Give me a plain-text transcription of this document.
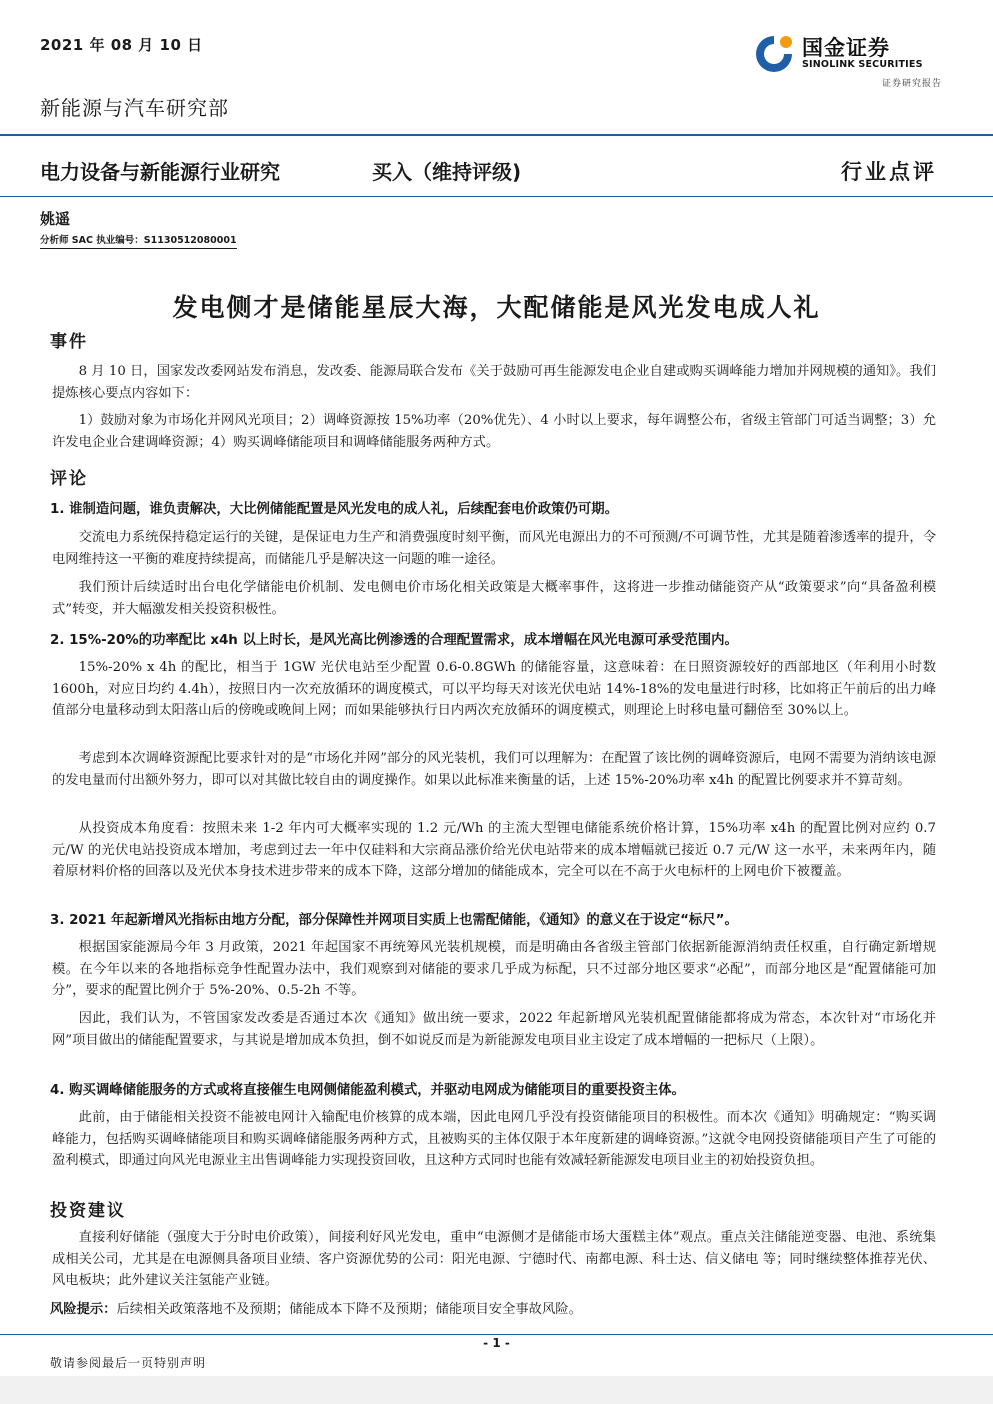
2021 年 08 月 10 日
新能源与汽车研究部
国金证券
SINOLINK SECURITIES
证券研究报告
电力设备与新能源行业研究	买入（维持评级)	行业点评
姚遥
分析师 SAC 执业编号：S1130512080001
发电侧才是储能星辰大海，大配储能是风光发电成人礼
事件
8 月 10 日，国家发改委网站发布消息，发改委、能源局联合发布《关于鼓励可再生能源发电企业自建或购买调峰能力增加并网规模的通知》。我们提炼核心要点内容如下：
1）鼓励对象为市场化并网风光项目；2）调峰资源按 15%功率（20%优先）、4 小时以上要求，每年调整公布，省级主管部门可适当调整；3）允许发电企业合建调峰资源；4）购买调峰储能项目和调峰储能服务两种方式。
评论
1. 谁制造问题，谁负责解决，大比例储能配置是风光发电的成人礼，后续配套电价政策仍可期。
交流电力系统保持稳定运行的关键，是保证电力生产和消费强度时刻平衡，而风光电源出力的不可预测/不可调节性，尤其是随着渗透率的提升，令电网维持这一平衡的难度持续提高，而储能几乎是解决这一问题的唯一途径。
我们预计后续适时出台电化学储能电价机制、发电侧电价市场化相关政策是大概率事件，这将进一步推动储能资产从“政策要求”向“具备盈利模式”转变，并大幅激发相关投资积极性。
2. 15%-20%的功率配比 x4h 以上时长，是风光高比例渗透的合理配置需求，成本增幅在风光电源可承受范围内。
15%-20% x 4h 的配比，相当于 1GW 光伏电站至少配置 0.6-0.8GWh 的储能容量，这意味着：在日照资源较好的西部地区（年利用小时数 1600h，对应日均约 4.4h），按照日内一次充放循环的调度模式，可以平均每天对该光伏电站 14%-18%的发电量进行时移，比如将正午前后的出力峰值部分电量移动到太阳落山后的傍晚或晚间上网；而如果能够执行日内两次充放循环的调度模式，则理论上时移电量可翻倍至 30%以上。
考虑到本次调峰资源配比要求针对的是“市场化并网”部分的风光装机，我们可以理解为：在配置了该比例的调峰资源后，电网不需要为消纳该电源的发电量而付出额外努力，即可以对其做比较自由的调度操作。如果以此标准来衡量的话，上述 15%-20%功率 x4h 的配置比例要求并不算苛刻。
从投资成本角度看：按照未来 1-2 年内可大概率实现的 1.2 元/Wh 的主流大型锂电储能系统价格计算，15%功率 x4h 的配置比例对应约 0.7 元/W 的光伏电站投资成本增加，考虑到过去一年中仅硅料和大宗商品涨价给光伏电站带来的成本增幅就已接近 0.7 元/W 这一水平，未来两年内，随着原材料价格的回落以及光伏本身技术进步带来的成本下降，这部分增加的储能成本，完全可以在不高于火电标杆的上网电价下被覆盖。
3. 2021 年起新增风光指标由地方分配，部分保障性并网项目实质上也需配储能，《通知》的意义在于设定“标尺”。
根据国家能源局今年 3 月政策，2021 年起国家不再统筹风光装机规模，而是明确由各省级主管部门依据新能源消纳责任权重，自行确定新增规模。在今年以来的各地指标竞争性配置办法中，我们观察到对储能的要求几乎成为标配，只不过部分地区要求“必配”，而部分地区是“配置储能可加分”，要求的配置比例介于 5%-20%、0.5-2h 不等。
因此，我们认为，不管国家发改委是否通过本次《通知》做出统一要求，2022 年起新增风光装机配置储能都将成为常态，本次针对“市场化并网”项目做出的储能配置要求，与其说是增加成本负担，倒不如说反而是为新能源发电项目业主设定了成本增幅的一把标尺（上限）。
4. 购买调峰储能服务的方式或将直接催生电网侧储能盈利模式，并驱动电网成为储能项目的重要投资主体。
此前，由于储能相关投资不能被电网计入输配电价核算的成本端，因此电网几乎没有投资储能项目的积极性。而本次《通知》明确规定：“购买调峰能力，包括购买调峰储能项目和购买调峰储能服务两种方式，且被购买的主体仅限于本年度新建的调峰资源。”这就令电网投资储能项目产生了可能的盈利模式，即通过向风光电源业主出售调峰能力实现投资回收，且这种方式同时也能有效减轻新能源发电项目业主的初始投资负担。
投资建议
直接利好储能（强度大于分时电价政策），间接利好风光发电，重申“电源侧才是储能市场大蛋糕主体”观点。重点关注储能逆变器、电池、系统集成相关公司，尤其是在电源侧具备项目业绩、客户资源优势的公司：阳光电源、宁德时代、南都电源、科士达、信义储电 等；同时继续整体推荐光伏、风电板块；此外建议关注氢能产业链。
风险提示：后续相关政策落地不及预期；储能成本下降不及预期；储能项目安全事故风险。
- 1 -
敬请参阅最后一页特别声明
